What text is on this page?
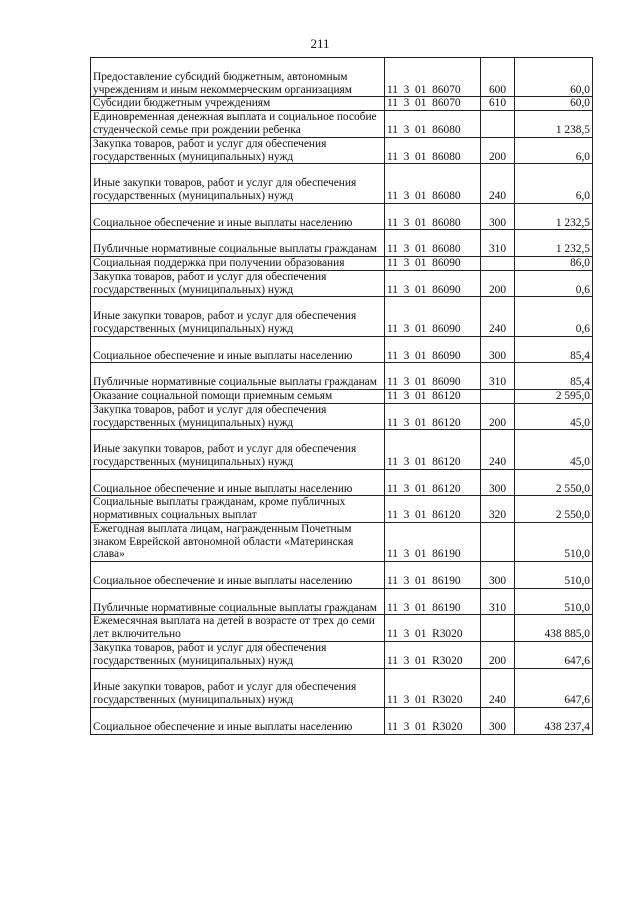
211
Предоставление субсидий бюджетным, автономным учреждениям и иным некоммерческим организациям	11  3  01  86070	600	60,0
Субсидии бюджетным учреждениям	11  3  01  86070	610	60,0
Единовременная денежная выплата и социальное пособие студенческой семье при рождении ребенка	11  3  01  86080		1 238,5
Закупка товаров, работ и услуг для обеспечения государственных (муниципальных) нужд	11  3  01  86080	200	6,0
Иные закупки товаров, работ и услуг для обеспечения государственных (муниципальных) нужд	11  3  01  86080	240	6,0
Социальное обеспечение и иные выплаты населению	11  3  01  86080	300	1 232,5
Публичные нормативные социальные выплаты гражданам	11  3  01  86080	310	1 232,5
Социальная поддержка при получении образования	11  3  01  86090		86,0
Закупка товаров, работ и услуг для обеспечения государственных (муниципальных) нужд	11  3  01  86090	200	0,6
Иные закупки товаров, работ и услуг для обеспечения государственных (муниципальных) нужд	11  3  01  86090	240	0,6
Социальное обеспечение и иные выплаты населению	11  3  01  86090	300	85,4
Публичные нормативные социальные выплаты гражданам	11  3  01  86090	310	85,4
Оказание социальной помощи приемным семьям	11  3  01  86120		2 595,0
Закупка товаров, работ и услуг для обеспечения государственных (муниципальных) нужд	11  3  01  86120	200	45,0
Иные закупки товаров, работ и услуг для обеспечения государственных (муниципальных) нужд	11  3  01  86120	240	45,0
Социальное обеспечение и иные выплаты населению	11  3  01  86120	300	2 550,0
Социальные выплаты гражданам, кроме публичных нормативных социальных выплат	11  3  01  86120	320	2 550,0
Ежегодная выплата лицам, награжденным Почетным знаком Еврейской автономной области «Материнская слава»	11  3  01  86190		510,0
Социальное обеспечение и иные выплаты населению	11  3  01  86190	300	510,0
Публичные нормативные социальные выплаты гражданам	11  3  01  86190	310	510,0
Ежемесячная выплата на детей в возрасте от трех до семи лет включительно	11  3  01  R3020		438 885,0
Закупка товаров, работ и услуг для обеспечения государственных (муниципальных) нужд	11  3  01  R3020	200	647,6
Иные закупки товаров, работ и услуг для обеспечения государственных (муниципальных) нужд	11  3  01  R3020	240	647,6
Социальное обеспечение и иные выплаты населению	11  3  01  R3020	300	438 237,4
